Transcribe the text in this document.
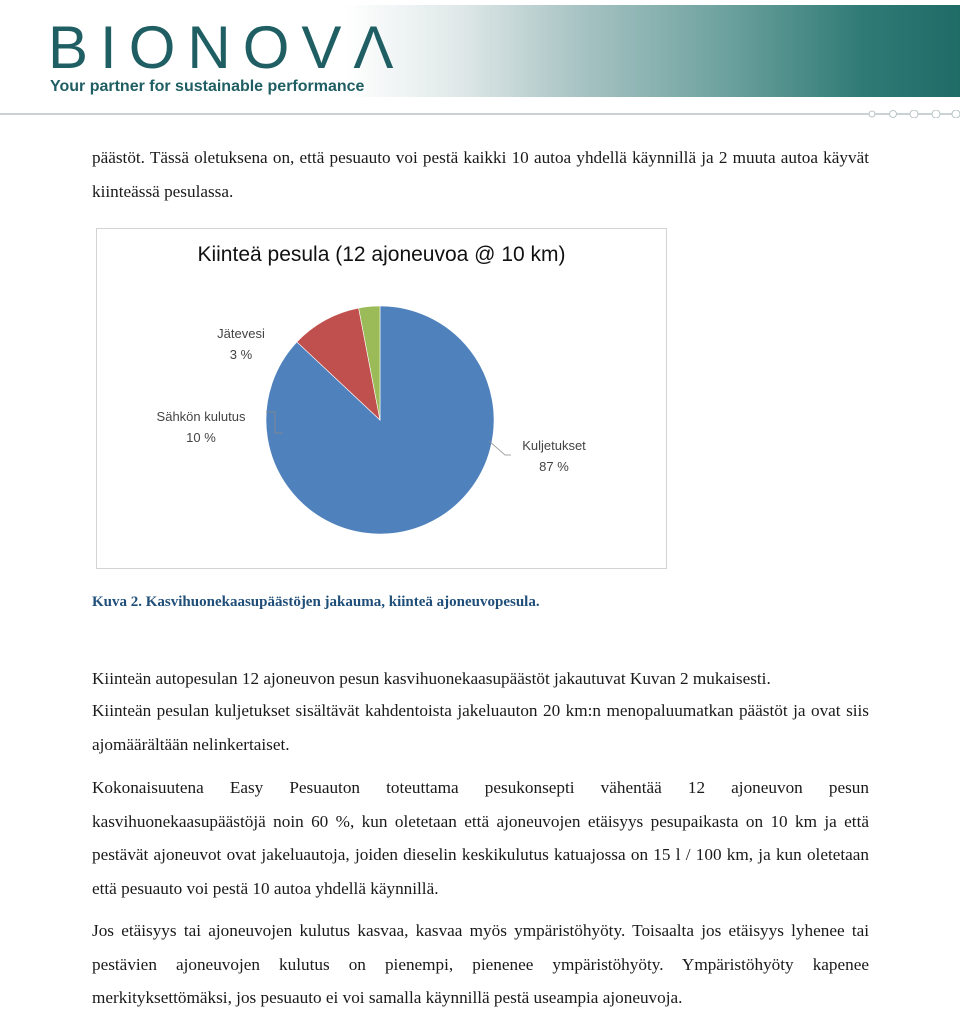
BIONOVΛ
Your partner for sustainable performance

päästöt. Tässä oletuksena on, että pesuauto voi pestä kaikki 10 autoa yhdellä käynnillä ja 2 muuta autoa käyvät kiinteässä pesulassa.

Kiinteä pesula (12 ajoneuvoa @ 10 km)
Jätevesi
3 %
Sähkön kulutus
10 %
Kuljetukset
87 %
Kuva 2. Kasvihuonekaasupäästöjen jakauma, kiinteä ajoneuvopesula.

Kiinteän autopesulan 12 ajoneuvon pesun kasvihuonekaasupäästöt jakautuvat Kuvan 2 mukaisesti.

Kiinteän pesulan kuljetukset sisältävät kahdentoista jakeluauton 20 km:n menopaluumatkan päästöt ja ovat siis ajomäärältään nelinkertaiset.

Kokonaisuutena Easy Pesuauton toteuttama pesukonsepti vähentää 12 ajoneuvon pesun kasvihuonekaasupäästöjä noin 60 %, kun oletetaan että ajoneuvojen etäisyys pesupaikasta on 10 km ja että pestävät ajoneuvot ovat jakeluautoja, joiden dieselin keskikulutus katuajossa on 15 l / 100 km, ja kun oletetaan että pesuauto voi pestä 10 autoa yhdellä käynnillä.

Jos etäisyys tai ajoneuvojen kulutus kasvaa, kasvaa myös ympäristöhyöty. Toisaalta jos etäisyys lyhenee tai pestävien ajoneuvojen kulutus on pienempi, pienenee ympäristöhyöty. Ympäristöhyöty kapenee merkityksettömäksi, jos pesuauto ei voi samalla käynnillä pestä useampia ajoneuvoja.
